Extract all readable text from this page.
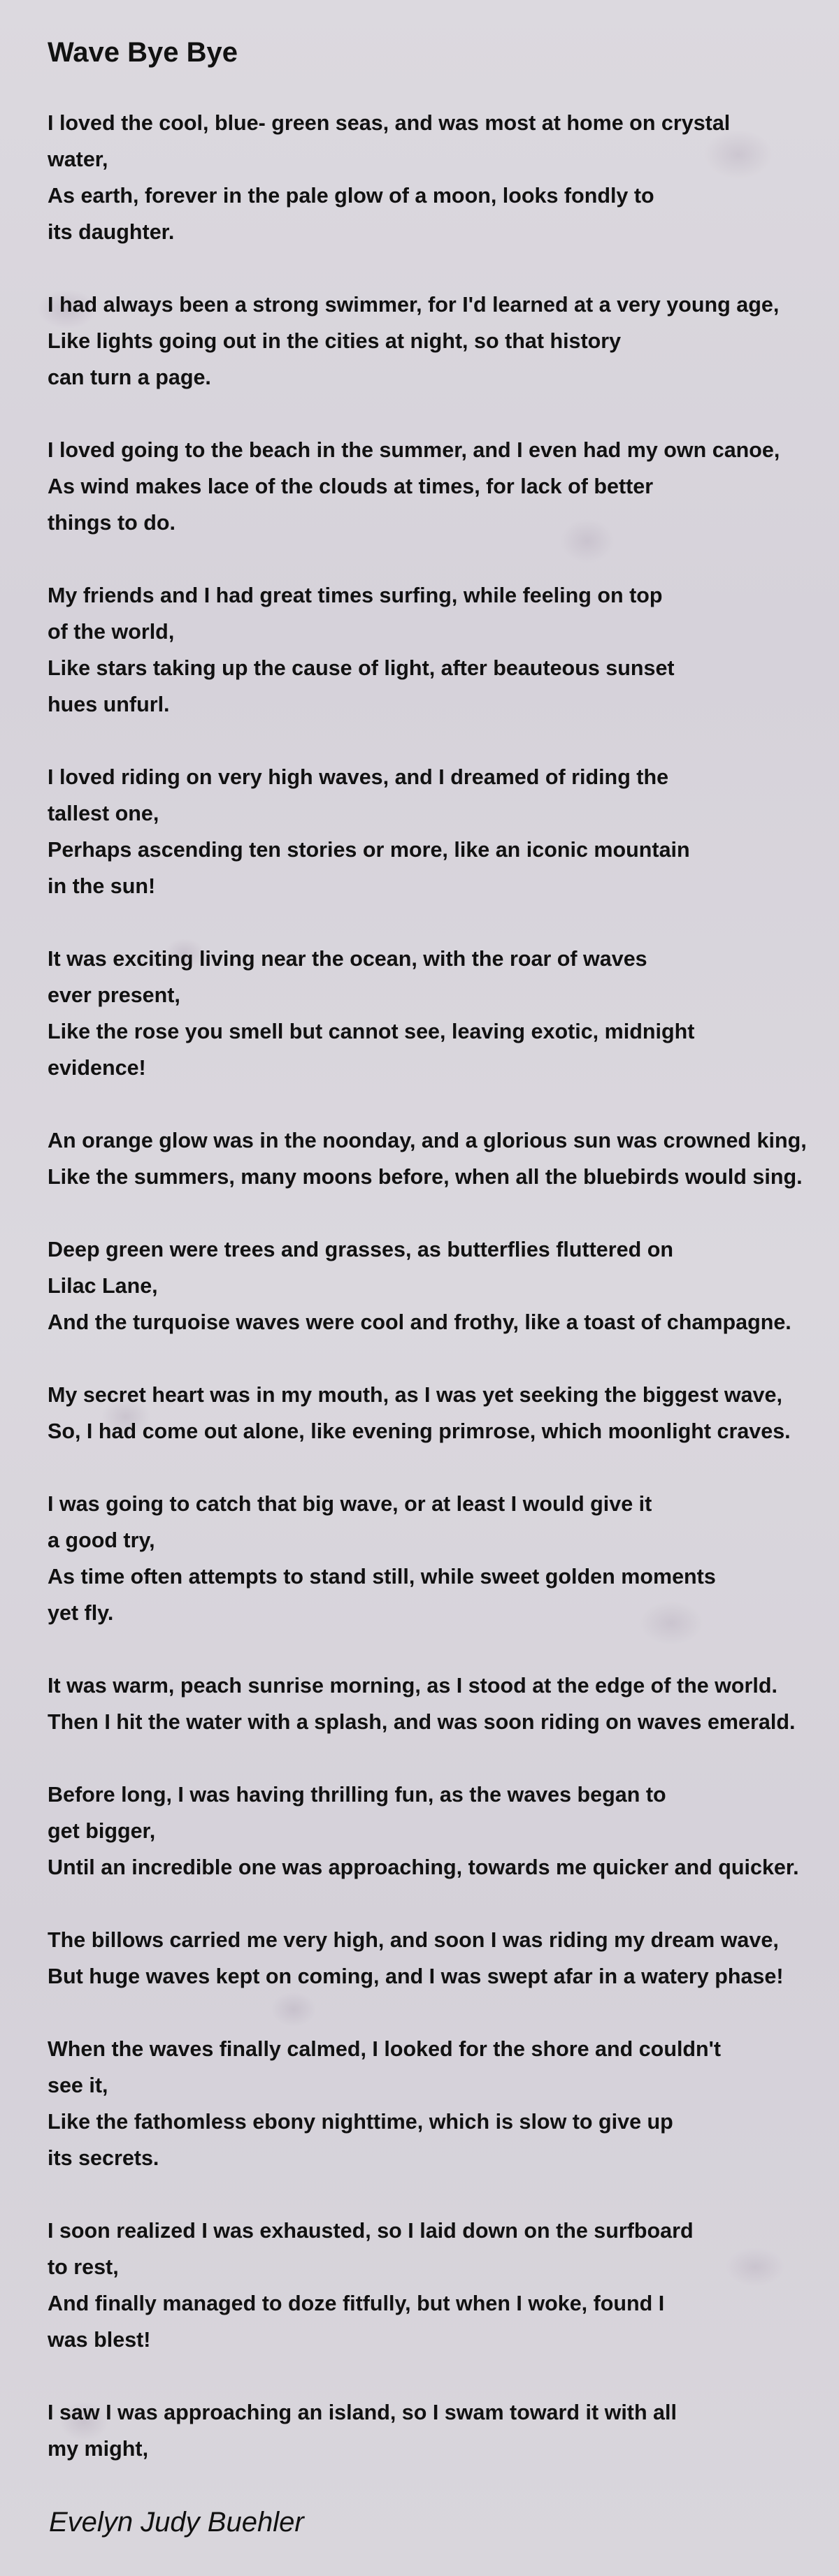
Wave Bye Bye

I loved the cool, blue- green seas, and was most at home on crystal
water,
As earth, forever in the pale glow of a moon, looks fondly to
its daughter.

I had always been a strong swimmer, for I'd learned at a very young age,
Like lights going out in the cities at night, so that history
can turn a page.

I loved going to the beach in the summer, and I even had my own canoe,
As wind makes lace of the clouds at times, for lack of better
things to do.

My friends and I had great times surfing, while feeling on top
of the world,
Like stars taking up the cause of light, after beauteous sunset
hues unfurl.

I loved riding on very high waves, and I dreamed of riding the
tallest one,
Perhaps ascending ten stories or more, like an iconic mountain
in the sun!

It was exciting living near the ocean, with the roar of waves
ever present,
Like the rose you smell but cannot see, leaving exotic, midnight
evidence!

An orange glow was in the noonday, and a glorious sun was crowned king,
Like the summers, many moons before, when all the bluebirds would sing.

Deep green were trees and grasses, as butterflies fluttered on
Lilac Lane,
And the turquoise waves were cool and frothy, like a toast of champagne.

My secret heart was in my mouth, as I was yet seeking the biggest wave,
So, I had come out alone, like evening primrose, which moonlight craves.

I was going to catch that big wave, or at least I would give it
a good try,
As time often attempts to stand still, while sweet golden moments
yet fly.

It was warm, peach sunrise morning, as I stood at the edge of the world.
Then I hit the water with a splash, and was soon riding on waves emerald.

Before long, I was having thrilling fun, as the waves began to
get bigger,
Until an incredible one was approaching, towards me quicker and quicker.

The billows carried me very high, and soon I was riding my dream wave,
But huge waves kept on coming, and I was swept afar in a watery phase!

When the waves finally calmed, I looked for the shore and couldn't
see it,
Like the fathomless ebony nighttime, which is slow to give up
its secrets.

I soon realized I was exhausted, so I laid down on the surfboard
to rest,
And finally managed to doze fitfully, but when I woke, found I
was blest!

I saw I was approaching an island, so I swam toward it with all
my might,

Evelyn Judy Buehler
